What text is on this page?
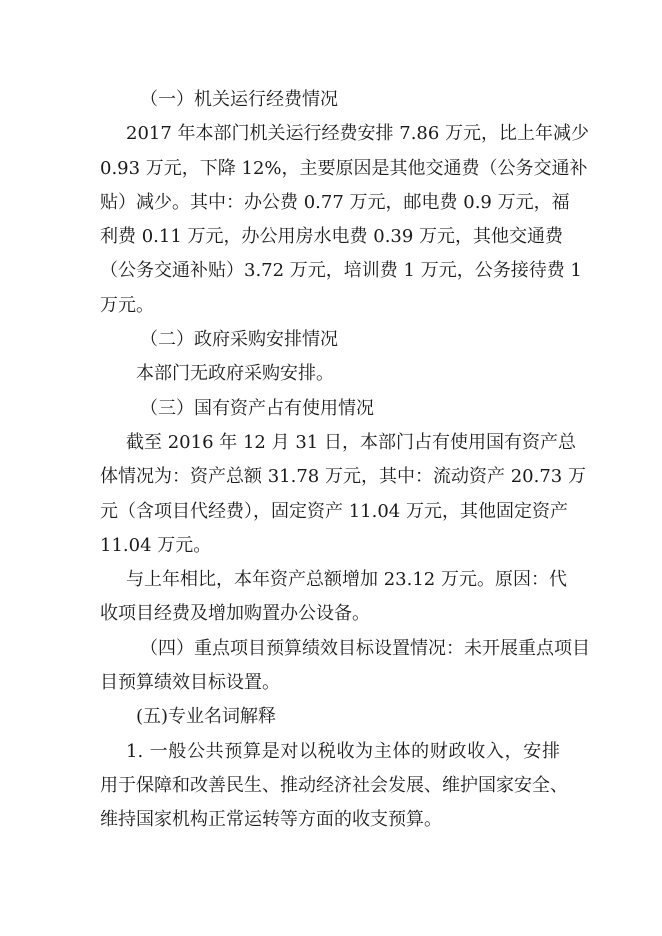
（一）机关运行经费情况
2017 年本部门机关运行经费安排 7.86 万元，比上年减少
0.93 万元，下降 12%，主要原因是其他交通费（公务交通补
贴）减少。其中：办公费 0.77 万元，邮电费 0.9 万元，福
利费 0.11 万元，办公用房水电费 0.39 万元，其他交通费
（公务交通补贴）3.72 万元，培训费 1 万元，公务接待费 1
万元。
（二）政府采购安排情况
本部门无政府采购安排。
（三）国有资产占有使用情况
截至 2016 年 12 月 31 日，本部门占有使用国有资产总
体情况为：资产总额 31.78 万元，其中：流动资产 20.73 万
元（含项目代经费），固定资产 11.04 万元，其他固定资产
11.04 万元。
与上年相比，本年资产总额增加 23.12 万元。原因：代
收项目经费及增加购置办公设备。
（四）重点项目预算绩效目标设置情况：未开展重点项目
目预算绩效目标设置。
(五)专业名词解释
1. 一般公共预算是对以税收为主体的财政收入，安排
用于保障和改善民生、推动经济社会发展、维护国家安全、
维持国家机构正常运转等方面的收支预算。
